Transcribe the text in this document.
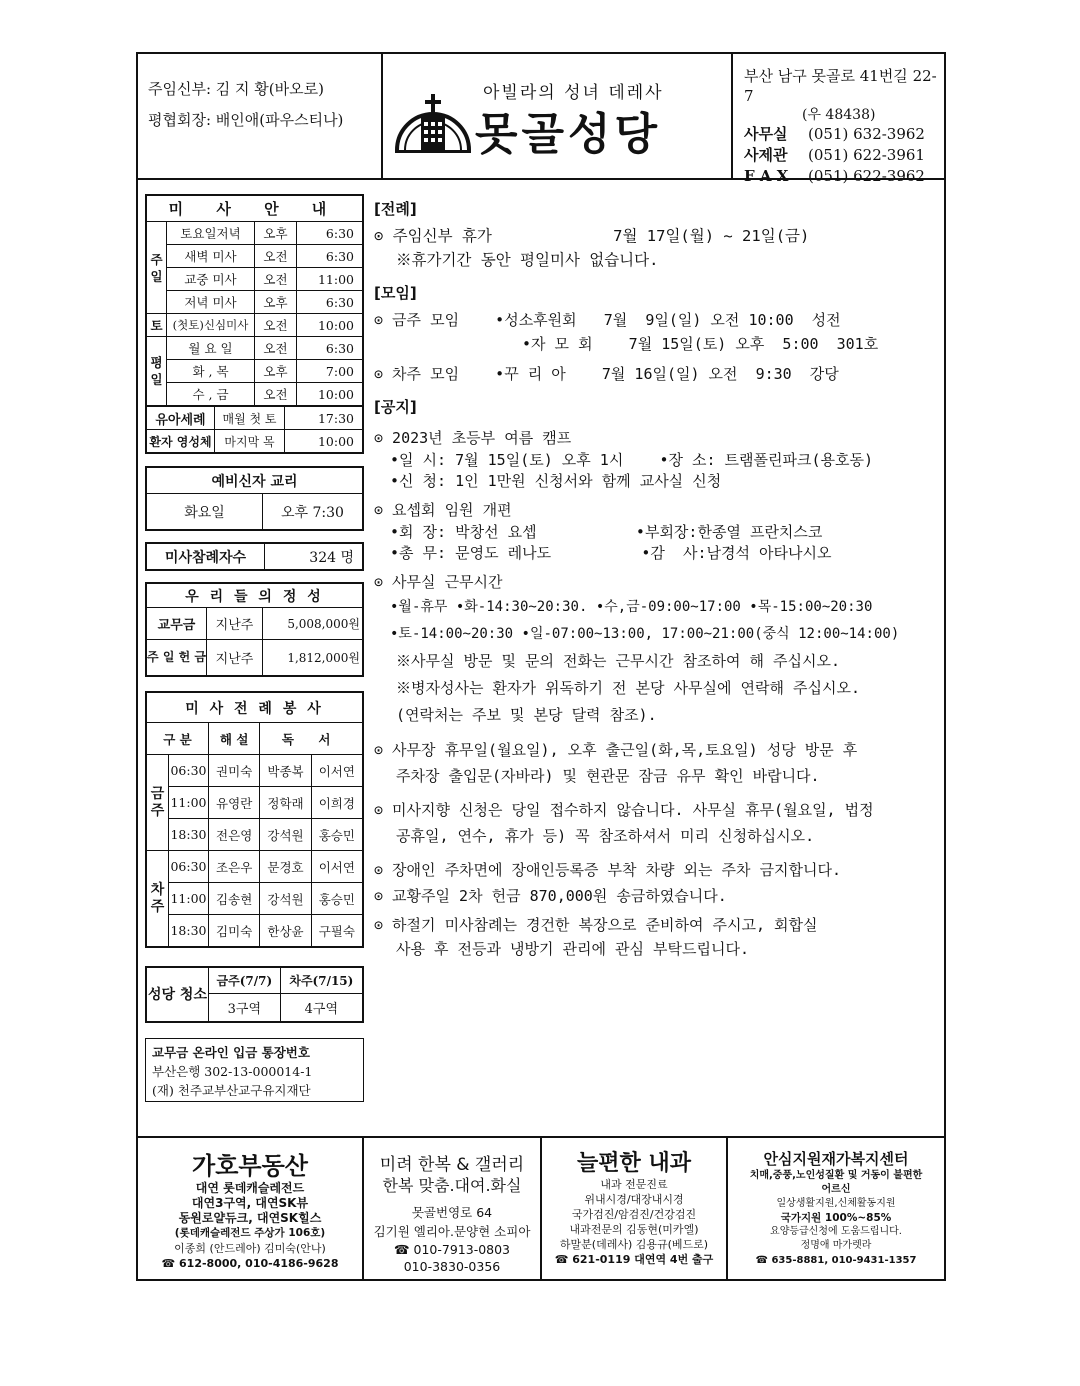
주임신부: 김 지 황(바오로)
평협회장: 배인애(파우스티나)
아빌라의 성녀 데레사
못골성당
부산 남구 못골로 41번길 22-7
(우 48438)
사무실	(051) 632-3962
사제관	(051) 622-3961
F A X	(051) 622-3962
미 사 안 내			
주일	토요일저녁	오후	6:30
	새벽 미사	오전	6:30
	교중 미사	오전	11:00
	저녁 미사	오후	6:30
토	(첫토)신심미사	오전	10:00
평일	월 요 일	오전	6:30
	화 , 목	오후	7:00
	수 , 금	오전	10:00
유아세례	매월 첫 토	17:30
환자 영성체	마지막 목	10:00
예비신자 교리
화요일	오후 7:30
미사참례자수	324 명
우 리 들 의 정 성		
교무금	지난주	5,008,000원
주 일 헌 금	지난주	1,812,000원
미 사 전 례 봉 사				
구 분		해 설	독 서	
금주	06:30	권미숙	박종복	이서연
	11:00	유영란	정학래	이희경
	18:30	전은영	강석원	홍승민
차주	06:30	조은우	문경호	이서연
	11:00	김송현	강석원	홍승민
	18:30	김미숙	한상윤	구필숙
성당 청소	금주(7/7)	차주(7/15)
	3구역	4구역
교무금 온라인 입금 통장번호
부산은행 302-13-000014-1
(재) 천주교부산교구유지재단
[전례]
⊙ 주임신부 휴가             7월 17일(월) ~ 21일(금)
※휴가기간 동안 평일미사 없습니다.
[모임]
⊙ 금주 모임    •성소후원회   7월  9일(일) 오전 10:00  성전
•자 모 회    7월 15일(토) 오후  5:00  301호
⊙ 차주 모임    •꾸 리 아    7월 16일(일) 오전  9:30  강당
[공지]
⊙ 2023년 초등부 여름 캠프
•일 시: 7월 15일(토) 오후 1시    •장 소: 트램폴린파크(용호동)
•신 청: 1인 1만원 신청서와 함께 교사실 신청
⊙ 요셉회 임원 개편
•회 장: 박창선 요셉           •부회장:한종열 프란치스코
•총 무: 문영도 레나도          •감  사:남경석 아타나시오
⊙ 사무실 근무시간
•월-휴무 •화-14:30~20:30. •수,금-09:00~17:00 •목-15:00~20:30
•토-14:00~20:30 •일-07:00~13:00, 17:00~21:00(중식 12:00~14:00)
※사무실 방문 및 문의 전화는 근무시간 참조하여 해 주십시오.
※병자성사는 환자가 위독하기 전 본당 사무실에 연락해 주십시오.
(연락처는 주보 및 본당 달력 참조).
⊙ 사무장 휴무일(월요일), 오후 출근일(화,목,토요일) 성당 방문 후
주차장 출입문(자바라) 및 현관문 잠금 유무 확인 바랍니다.
⊙ 미사지향 신청은 당일 접수하지 않습니다. 사무실 휴무(월요일, 법정
공휴일, 연수, 휴가 등) 꼭 참조하셔서 미리 신청하십시오.
⊙ 장애인 주차면에 장애인등록증 부착 차량 외는 주차 금지합니다.
⊙ 교황주일 2차 헌금 870,000원 송금하였습니다.
⊙ 하절기 미사참례는 경건한 복장으로 준비하여 주시고, 회합실
사용 후 전등과 냉방기 관리에 관심 부탁드립니다.
가호부동산
대연 롯데캐슬레전드
대연3구역, 대연SK뷰
동원로얄듀크, 대연SK힐스
(롯데캐슬레전드 주상가 106호)
이종희 (안드레아) 김미숙(안나)
☎ 612-8000, 010-4186-9628
미려 한복 & 갤러리
한복 맞춤.대여.화실
못골번영로 64
김기원 엘리아.문양현 소피아
☎ 010-7913-0803
010-3830-0356
늘편한 내과
내과 전문진료
위내시경/대장내시경
국가검진/암검진/건강검진
내과전문의 김동현(미카엘)
하말분(데레사) 김용규(베드로)
☎ 621-0119 대연역 4번 출구
안심지원재가복지센터
치매,중풍,노인성질환 및 거동이 불편한
어르신
일상생활지원,신체활동지원
국가지원 100%~85%
요양등급신청에 도움드립니다.
정명애 마가렛라
☎ 635-8881, 010-9431-1357
